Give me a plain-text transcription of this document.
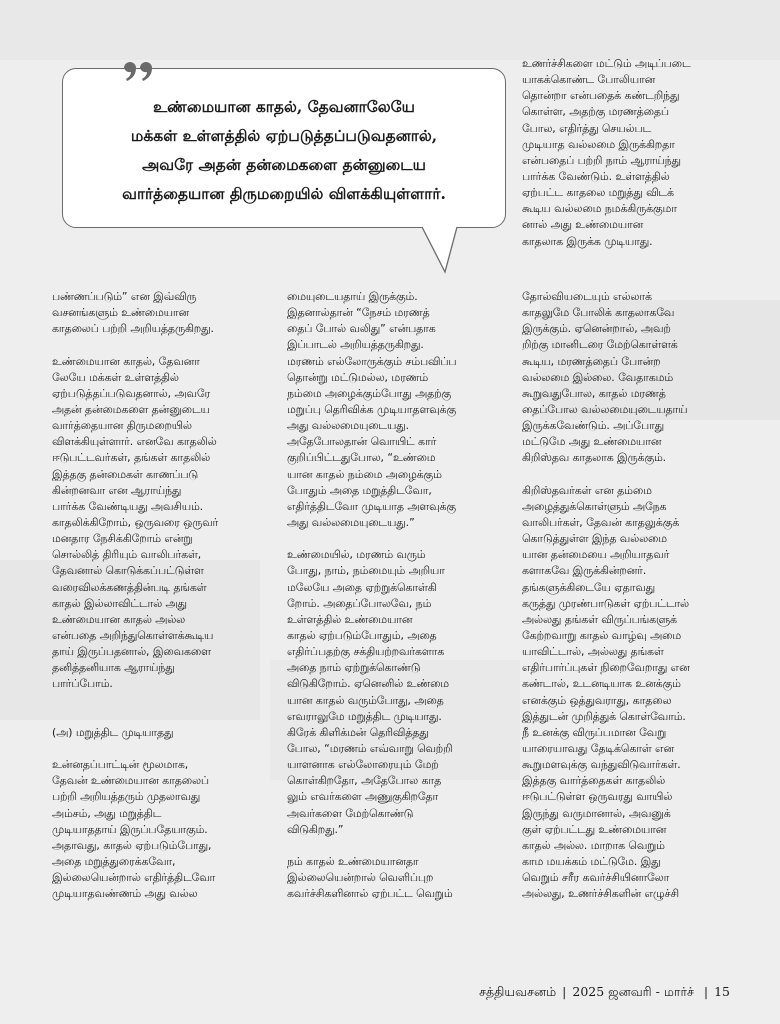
உண்மையான காதல், தேவனாலேயே
மக்கள் உள்ளத்தில் ஏற்படுத்தப்படுவதனால்,
அவரே அதன் தன்மைகளை தன்னுடைய
வார்த்தையான திருமறையில் விளக்கியுள்ளார்.
உணர்ச்சிகளை மட்டும் அடிப்படை
யாகக்கொண்ட போலியான
தொன்றா என்பதைக் கண்டறிந்து
கொள்ள, அதற்கு மரணத்தைப்
போல, எதிர்த்து செயல்பட
முடியாத வல்லமை இருக்கிறதா
என்பதைப் பற்றி நாம் ஆராய்ந்து
பார்க்க வேண்டும். உள்ளத்தில்
ஏற்பட்ட காதலை மறுத்து விடக்
கூடிய வல்லமை நமக்கிருக்குமா
னால் அது உண்மையான
காதலாக இருக்க முடியாது.
பண்ணப்படும்” என இவ்விரு
வசனங்களும் உண்மையான
காதலைப் பற்றி அறியத்தருகிறது.
உண்மையான காதல், தேவனா
லேயே மக்கள் உள்ளத்தில்
ஏற்படுத்தப்படுவதனால், அவரே
அதன் தன்மைகளை தன்னுடைய
வார்த்தையான திருமறையில்
விளக்கியுள்ளார். எனவே காதலில்
ஈடுபட்டவர்கள், தங்கள் காதலில்
இத்தகு தன்மைகள் காணப்படு
கின்றனவா என ஆராய்ந்து
பார்க்க வேண்டியது அவசியம்.
காதலிக்கிறோம், ஒருவரை ஒருவர்
மனதார நேசிக்கிறோம் என்று
சொல்லித் திரியும் வாலிபர்கள்,
தேவனால் கொடுக்கப்பட்டுள்ள
வரைவிலக்கணத்தின்படி தங்கள்
காதல் இல்லாவிட்டால் அது
உண்மையான காதல் அல்ல
என்பதை அறிந்துகொள்ளக்கூடிய
தாய் இருப்பதனால், இவைகளை
தனித்தனியாக ஆராய்ந்து
பார்ப்போம்.
(அ) மறுத்திட முடியாதது
உன்னதப்பாட்டின் மூலமாக,
தேவன் உண்மையான காதலைப்
பற்றி அறியத்தரும் முதலாவது
அம்சம், அது மறுத்திட
முடியாததாய் இருப்பதேயாகும்.
அதாவது, காதல் ஏற்படும்போது,
அதை மறுத்துரைக்கவோ,
இல்லையென்றால் எதிர்த்திடவோ
முடியாதவண்ணம் அது வல்ல
மையுடையதாய் இருக்கும்.
இதனால்தான் “நேசம் மரணத்
தைப் போல் வலிது” என்பதாக
இப்பாடல் அறியத்தருகிறது.
மரணம் எல்லோருக்கும் சம்பவிப்ப
தொன்று மட்டுமல்ல, மரணம்
நம்மை அழைக்கும்போது அதற்கு
மறுப்பு தெரிவிக்க முடியாதளவுக்கு
அது வல்லமையுடையது.
அதேபோலதான் வொயிட் கார்
குறிப்பிட்டதுபோல, “உண்மை
யான காதல் நம்மை அழைக்கும்
போதும் அதை மறுத்திடவோ,
எதிர்த்திடவோ முடியாத அளவுக்கு
அது வல்லமையுடையது.”
உண்மையில், மரணம் வரும்
போது, நாம், நம்மையும் அறியா
மலேயே அதை ஏற்றுக்கொள்கி
றோம். அதைப்போலவே, நம்
உள்ளத்தில் உண்மையான
காதல் ஏற்படும்போதும், அதை
எதிர்ப்பதற்கு சக்தியற்றவர்களாக
அதை நாம் ஏற்றுக்கொண்டு
விடுகிறோம். ஏனெனில் உண்மை
யான காதல் வரும்போது, அதை
எவராலுமே மறுத்திட முடியாது.
கிரேக் கிளிக்மன் தெரிவித்தது
போல, “மரணம் எவ்வாறு வெற்றி
யாளனாக எல்லோரையும் மேற்
கொள்கிறதோ, அதேபோல காத
லும் எவர்களை அணுகுகிறதோ
அவர்களை மேற்கொண்டு
விடுகிறது.”
நம் காதல் உண்மையானதா
இல்லையென்றால் வெளிப்புற
கவர்ச்சிகளினால் ஏற்பட்ட வெறும்
தோல்வியடையும் எல்லாக்
காதலுமே போலிக் காதலாகவே
இருக்கும். ஏனென்றால், அவற்
றிற்கு மானிடரை மேற்கொள்ளக்
கூடிய, மரணத்தைப் போன்ற
வல்லமை இல்லை. வேதாகமம்
கூறுவதுபோல, காதல் மரணத்
தைப்போல வல்லமையுடையதாய்
இருக்கவேண்டும். அப்போது
மட்டுமே அது உண்மையான
கிறிஸ்தவ காதலாக இருக்கும்.
கிறிஸ்தவர்கள் என தம்மை
அழைத்துக்கொள்ளும் அநேக
வாலிபர்கள், தேவன் காதலுக்குக்
கொடுத்துள்ள இந்த வல்லமை
யான தன்மையை அறியாதவர்
களாகவே இருக்கின்றனர்.
தங்களுக்கிடையே ஏதாவது
கருத்து முரண்பாடுகள் ஏற்பட்டால்
அல்லது தங்கள் விருப்பங்களுக்
கேற்றவாறு காதல் வாழ்வு அமை
யாவிட்டால், அல்லது தங்கள்
எதிர்பார்ப்புகள் நிறைவேறாது என
கண்டால், உடனடியாக உனக்கும்
எனக்கும் ஒத்துவராது, காதலை
இத்துடன் முறித்துக் கொள்வோம்.
நீ உனக்கு விருப்பமான வேறு
யாரையாவது தேடிக்கொள் என
கூறுமளவுக்கு வந்துவிடுவார்கள்.
இத்தகு வார்த்தைகள் காதலில்
ஈடுபட்டுள்ள ஒருவரது வாயில்
இருந்து வருமானால், அவனுக்
குள் ஏற்பட்டது உண்மையான
காதல் அல்ல. மாறாக வெறும்
காம மயக்கம் மட்டுமே. இது
வெறும் சரீர கவர்ச்சியினாலோ
அல்லது, உணர்ச்சிகளின் எழுச்சி
சத்தியவசனம் | 2025 ஜனவரி - மார்ச் | 15
